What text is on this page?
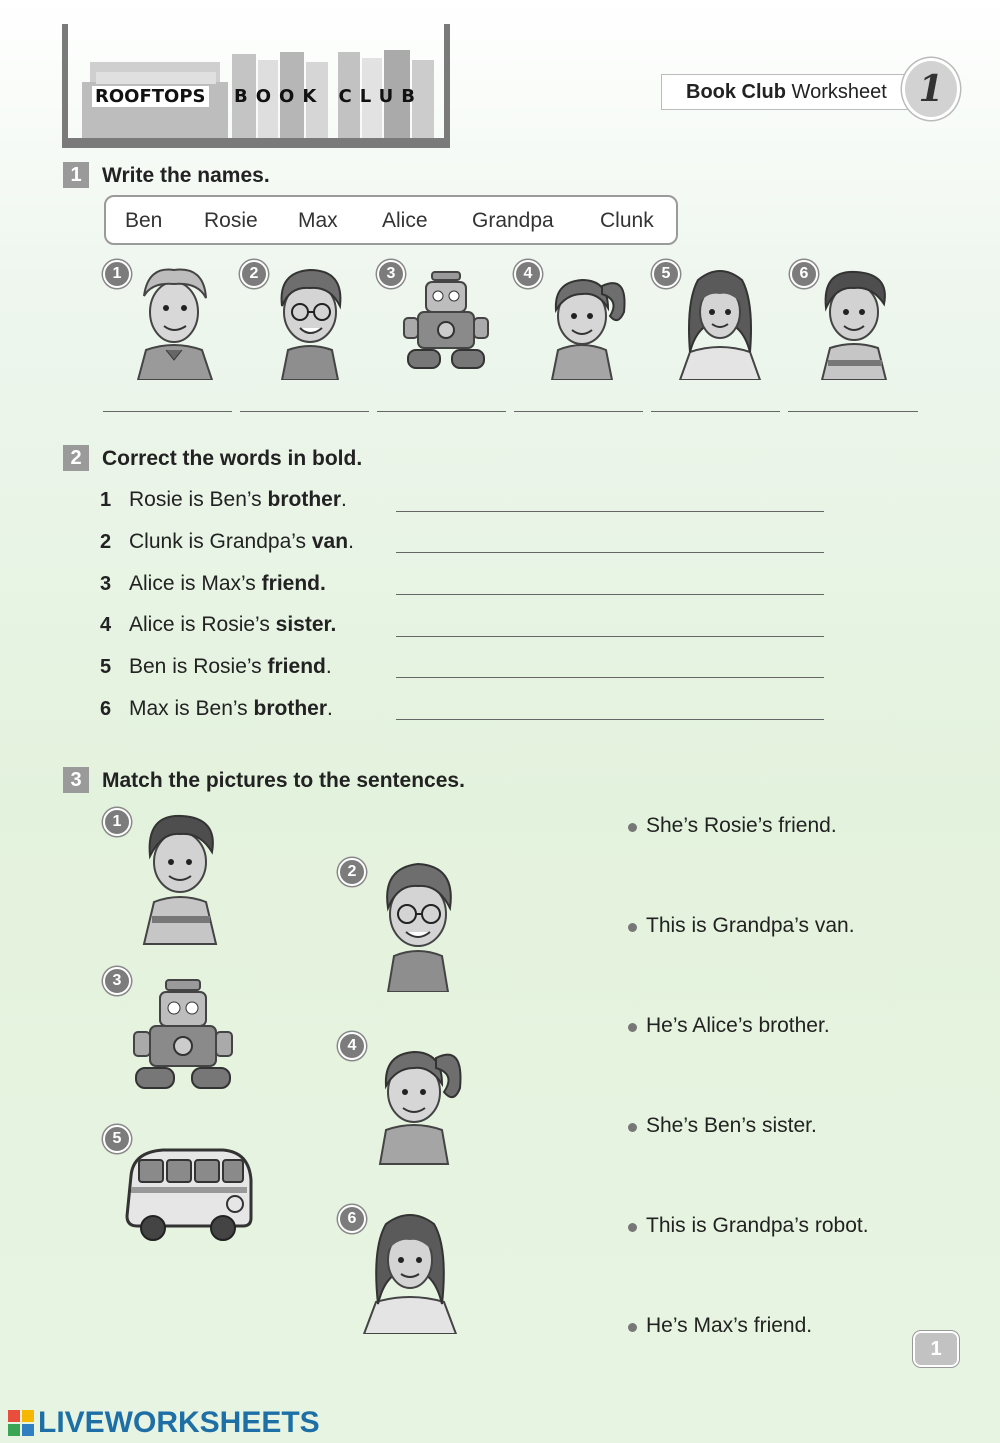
ROOFTOPS BOOK CLUB	Book Club Worksheet 1
1 Write the names.
Ben Rosie Max Alice Grandpa Clunk
1	2	3	4	5	6
2 Correct the words in bold.
1 Rosie is Ben’s brother.
2 Clunk is Grandpa’s van.
3 Alice is Max’s friend.
4 Alice is Rosie’s sister.
5 Ben is Rosie’s friend.
6 Max is Ben’s brother.
3 Match the pictures to the sentences.
1
2
3
4
5
6
She’s Rosie’s friend.
This is Grandpa’s van.
He’s Alice’s brother.
She’s Ben’s sister.
This is Grandpa’s robot.
He’s Max’s friend.
1
LIVEWORKSHEETS
